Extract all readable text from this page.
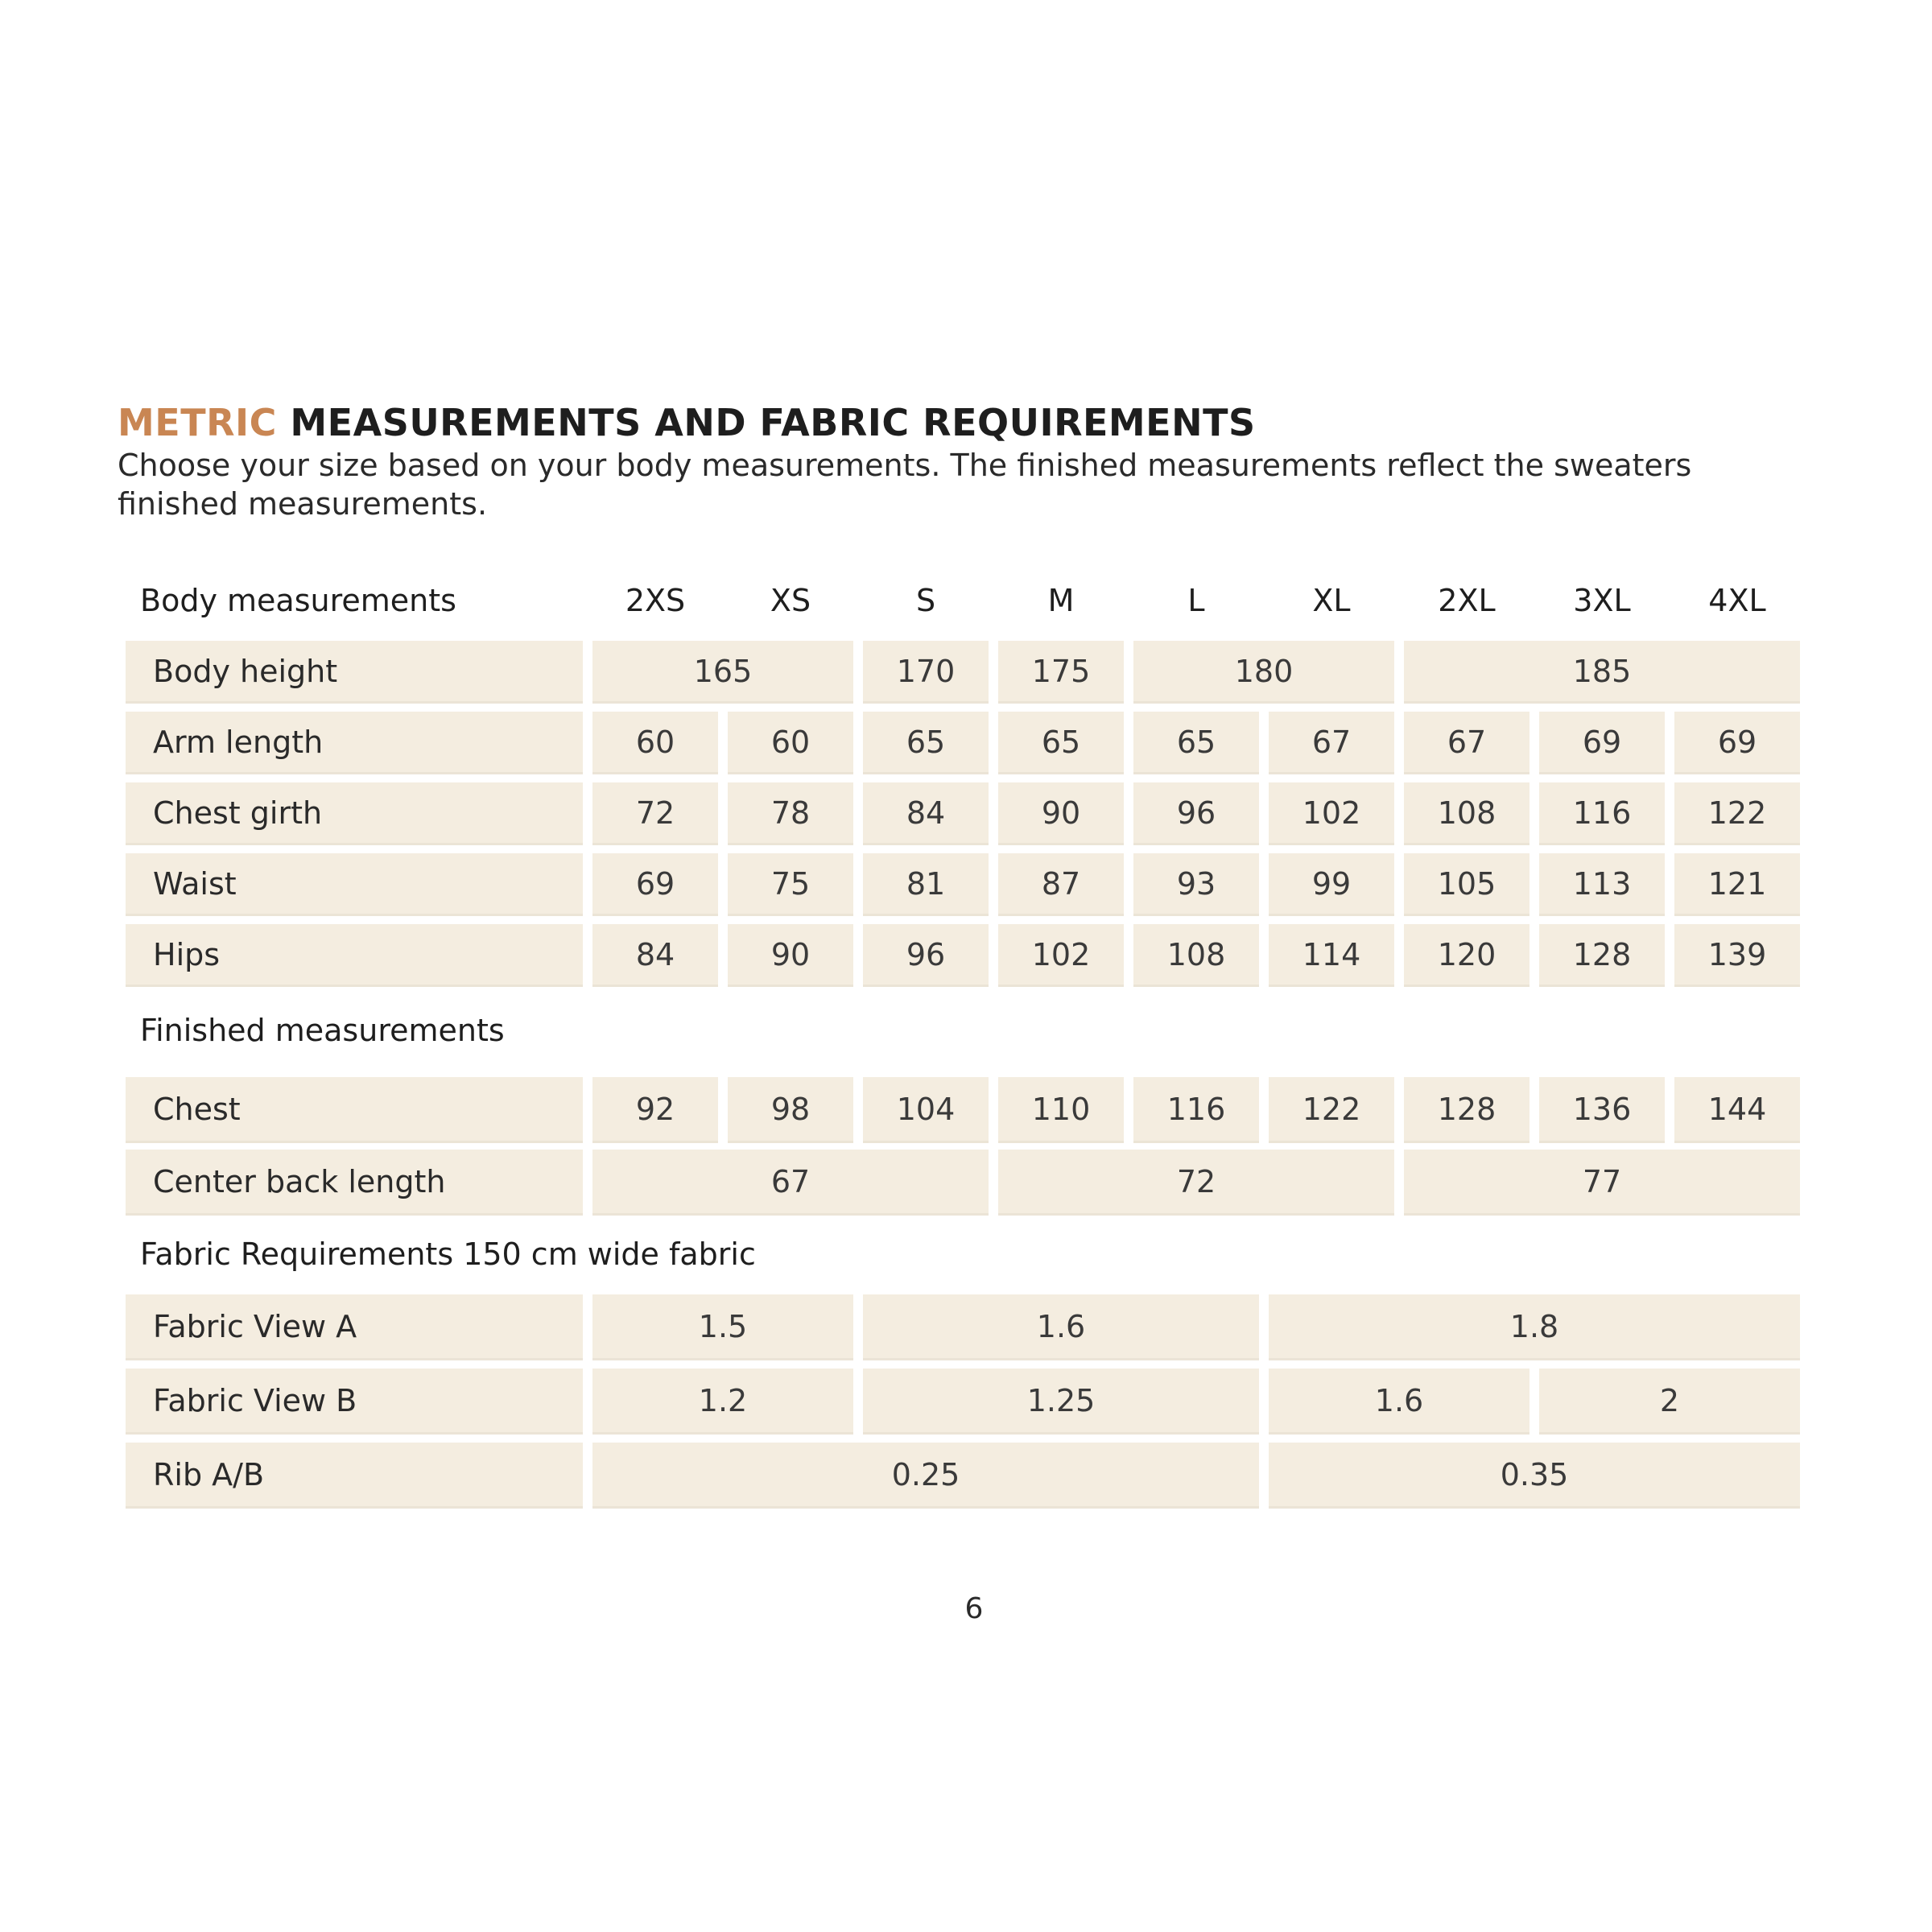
METRIC MEASUREMENTS AND FABRIC REQUIREMENTS

Choose your size based on your body measurements. The finished measurements reflect the sweaters finished measurements.

2XS	XS	S	M	L	XL	2XL	3XL	4XL
Body measurements
Body height	165	170	175	180	185
Arm length	60	60	65	65	65	67	67	69	69
Chest girth	72	78	84	90	96	102	108	116	122
Waist	69	75	81	87	93	99	105	113	121
Hips	84	90	96	102	108	114	120	128	139
Finished measurements
Chest	92	98	104	110	116	122	128	136	144
Center back length	67	72	77
Fabric Requirements 150 cm wide fabric
Fabric View A	1.5	1.6	1.8
Fabric View B	1.2	1.25	1.6	2
Rib A/B	0.25	0.35
6
